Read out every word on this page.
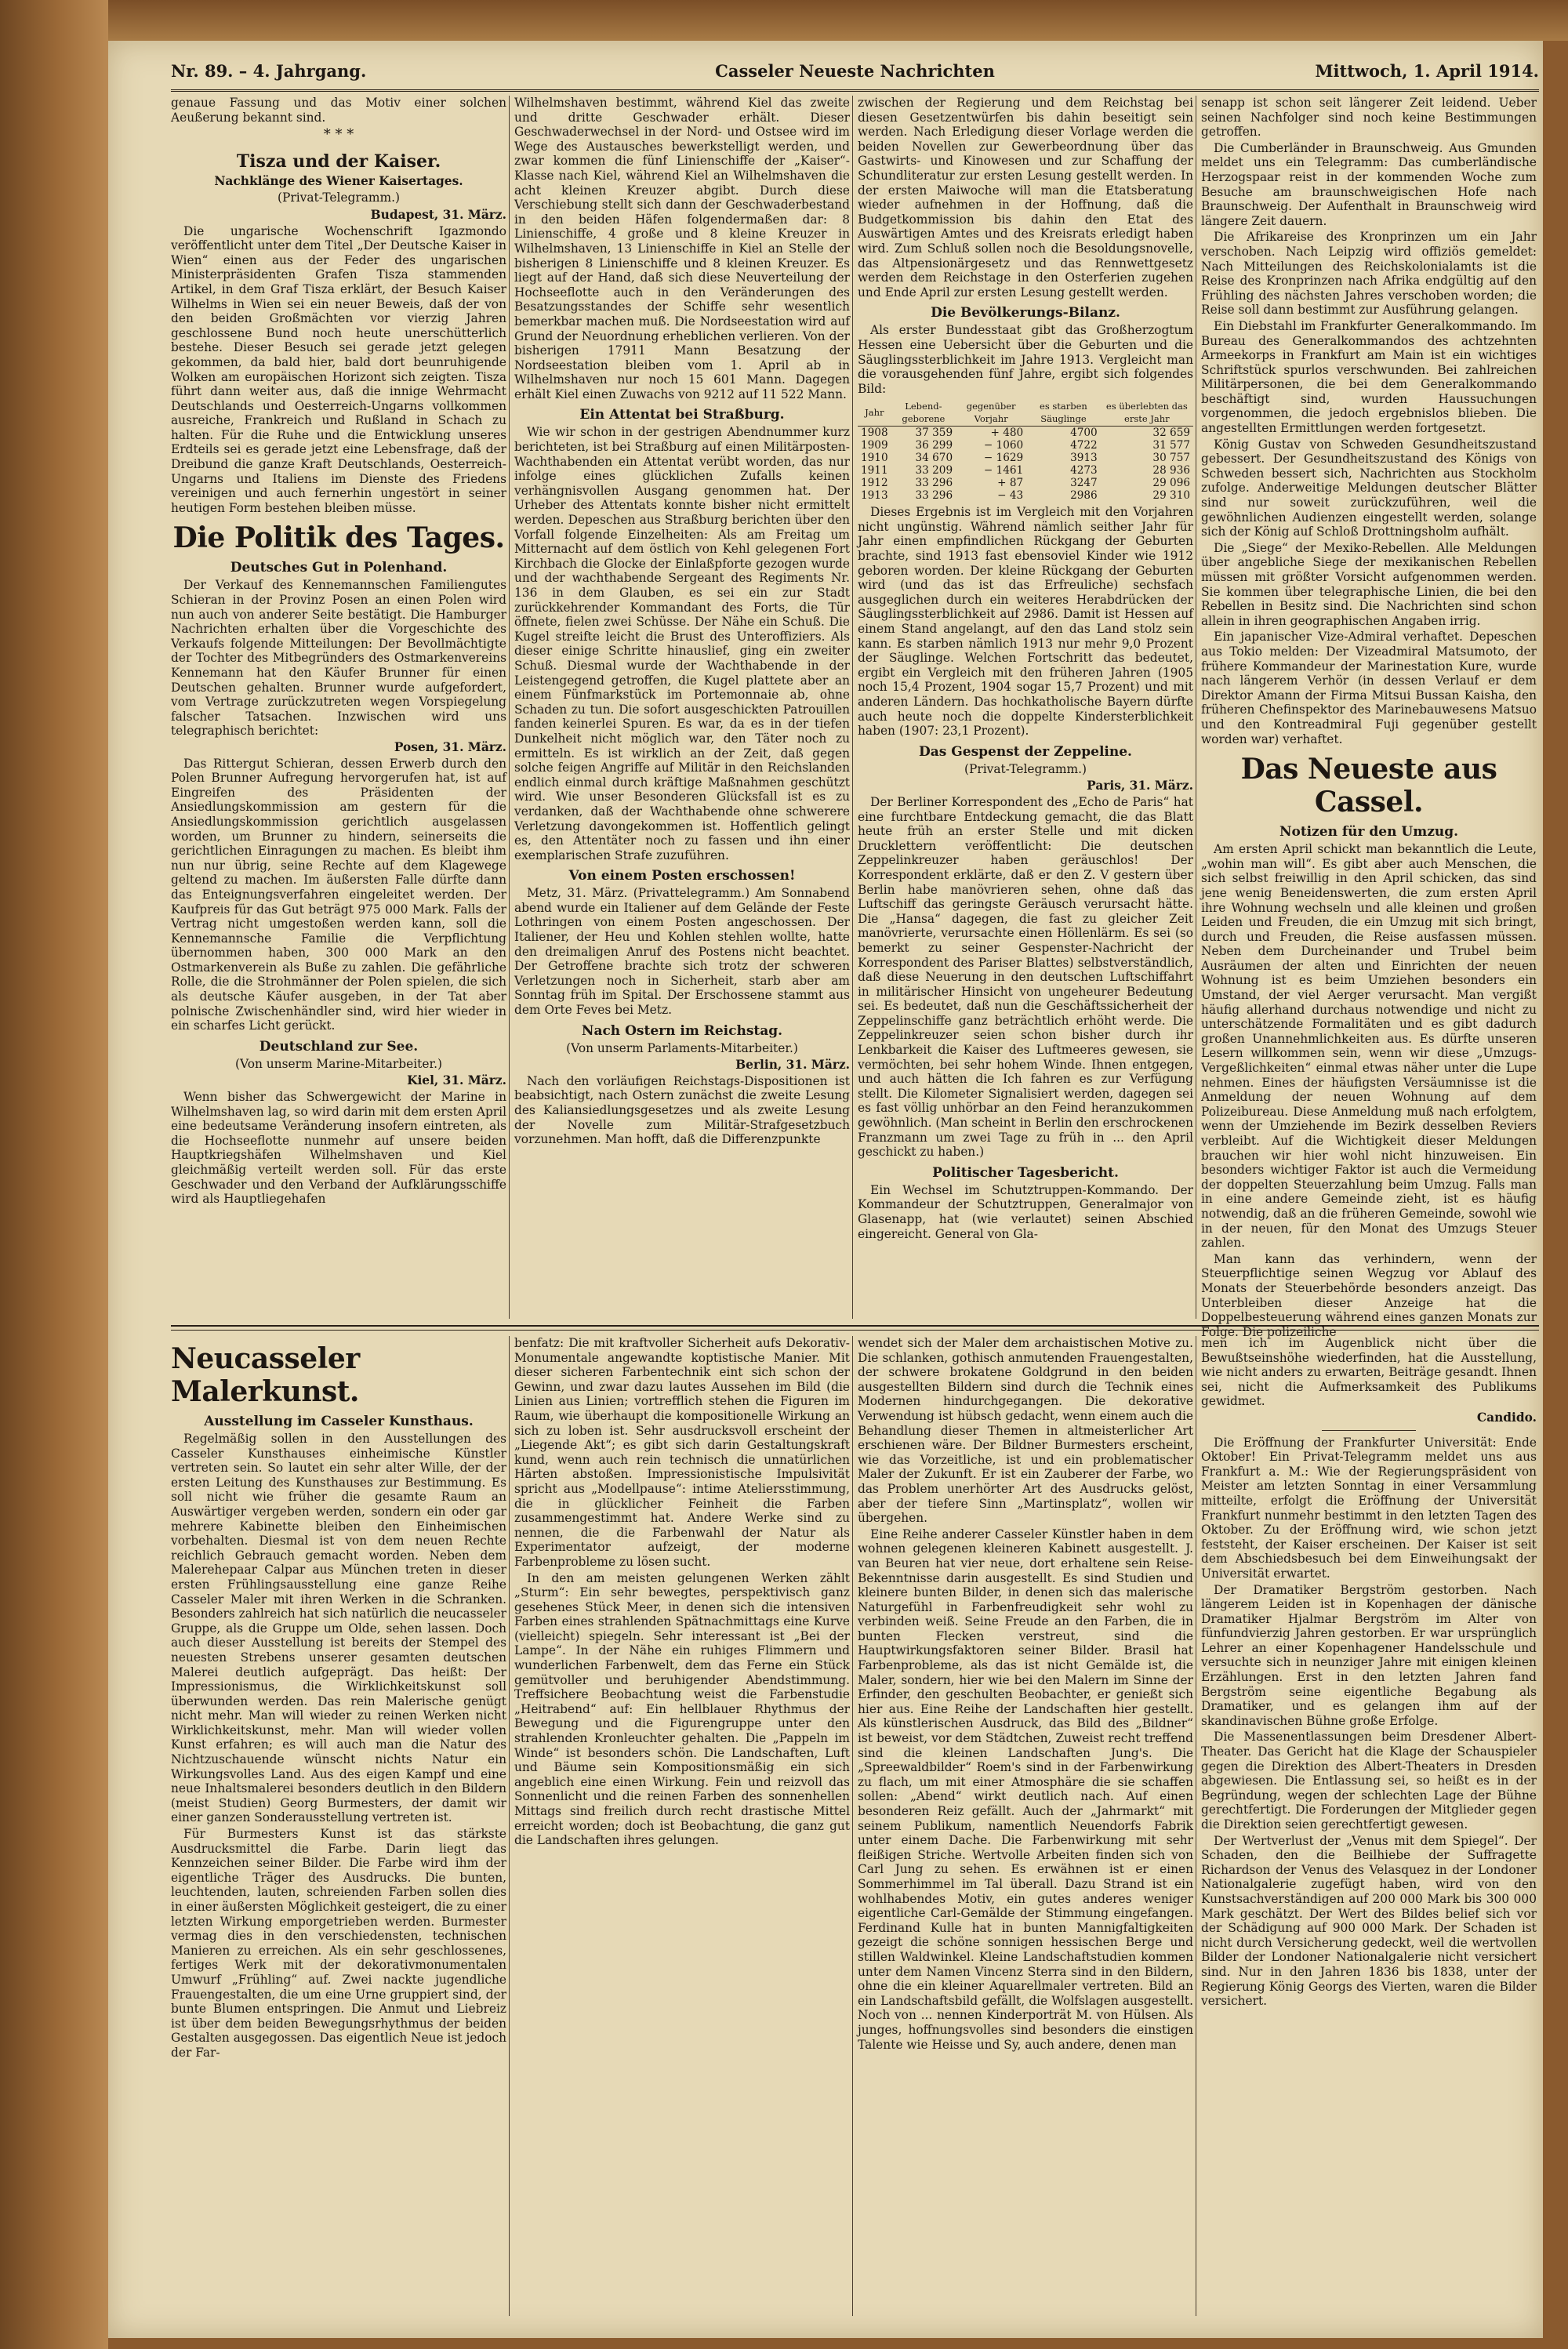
Nr. 89. – 4. Jahrgang.	Casseler Neueste Nachrichten	Mittwoch, 1. April 1914.

genaue Fassung und das Motiv einer solchen Aeußerung bekannt sind.

* * *
Tisza und der Kaiser.
Nachklänge des Wiener Kaisertages.
(Privat-Telegramm.)
Budapest, 31. März.

Die ungarische Wochenschrift Igazmondo veröffentlicht unter dem Titel „Der Deutsche Kaiser in Wien“ einen aus der Feder des ungarischen Ministerpräsidenten Grafen Tisza stammenden Artikel, in dem Graf Tisza erklärt, der Besuch Kaiser Wilhelms in Wien sei ein neuer Beweis, daß der von den beiden Großmächten vor vierzig Jahren geschlossene Bund noch heute unerschütterlich bestehe. Dieser Besuch sei gerade jetzt gelegen gekommen, da bald hier, bald dort beunruhigende Wolken am europäischen Horizont sich zeigten. Tisza führt dann weiter aus, daß die innige Wehrmacht Deutschlands und Oesterreich-Ungarns vollkommen ausreiche, Frankreich und Rußland in Schach zu halten. Für die Ruhe und die Entwicklung unseres Erdteils sei es gerade jetzt eine Lebensfrage, daß der Dreibund die ganze Kraft Deutschlands, Oesterreich-Ungarns und Italiens im Dienste des Friedens vereinigen und auch fernerhin ungestört in seiner heutigen Form bestehen bleiben müsse.

Die Politik des Tages.
Deutsches Gut in Polenhand.

Der Verkauf des Kennemannschen Familiengutes Schieran in der Provinz Posen an einen Polen wird nun auch von anderer Seite bestätigt. Die Hamburger Nachrichten erhalten über die Vorgeschichte des Verkaufs folgende Mitteilungen: Der Bevollmächtigte der Tochter des Mitbegründers des Ostmarkenvereins Kennemann hat den Käufer Brunner für einen Deutschen gehalten. Brunner wurde aufgefordert, vom Vertrage zurückzutreten wegen Vorspiegelung falscher Tatsachen. Inzwischen wird uns telegraphisch berichtet:

Posen, 31. März.

Das Rittergut Schieran, dessen Erwerb durch den Polen Brunner Aufregung hervorgerufen hat, ist auf Eingreifen des Präsidenten der Ansiedlungskommission am gestern für die Ansiedlungskommission gerichtlich ausgelassen worden, um Brunner zu hindern, seinerseits die gerichtlichen Einragungen zu machen. Es bleibt ihm nun nur übrig, seine Rechte auf dem Klagewege geltend zu machen. Im äußersten Falle dürfte dann das Enteignungsverfahren eingeleitet werden. Der Kaufpreis für das Gut beträgt 975 000 Mark. Falls der Vertrag nicht umgestoßen werden kann, soll die Kennemannsche Familie die Verpflichtung übernommen haben, 300 000 Mark an den Ostmarkenverein als Buße zu zahlen. Die gefährliche Rolle, die die Strohmänner der Polen spielen, die sich als deutsche Käufer ausgeben, in der Tat aber polnische Zwischenhändler sind, wird hier wieder in ein scharfes Licht gerückt.

Deutschland zur See.
(Von unserm Marine-Mitarbeiter.)
Kiel, 31. März.

Wenn bisher das Schwergewicht der Marine in Wilhelmshaven lag, so wird darin mit dem ersten April eine bedeutsame Veränderung insofern eintreten, als die Hochseeflotte nunmehr auf unsere beiden Hauptkriegshäfen Wilhelmshaven und Kiel gleichmäßig verteilt werden soll. Für das erste Geschwader und den Verband der Aufklärungsschiffe wird als Hauptliegehafen

Wilhelmshaven bestimmt, während Kiel das zweite und dritte Geschwader erhält. Dieser Geschwaderwechsel in der Nord- und Ostsee wird im Wege des Austausches bewerkstelligt werden, und zwar kommen die fünf Linienschiffe der „Kaiser“-Klasse nach Kiel, während Kiel an Wilhelmshaven die acht kleinen Kreuzer abgibt. Durch diese Verschiebung stellt sich dann der Geschwaderbestand in den beiden Häfen folgendermaßen dar: 8 Linienschiffe, 4 große und 8 kleine Kreuzer in Wilhelmshaven, 13 Linienschiffe in Kiel an Stelle der bisherigen 8 Linienschiffe und 8 kleinen Kreuzer. Es liegt auf der Hand, daß sich diese Neuverteilung der Hochseeflotte auch in den Veränderungen des Besatzungsstandes der Schiffe sehr wesentlich bemerkbar machen muß. Die Nordseestation wird auf Grund der Neuordnung erheblichen verlieren. Von der bisherigen 17911 Mann Besatzung der Nordseestation bleiben vom 1. April ab in Wilhelmshaven nur noch 15 601 Mann. Dagegen erhält Kiel einen Zuwachs von 9212 auf 11 522 Mann.

Ein Attentat bei Straßburg.

Wie wir schon in der gestrigen Abendnummer kurz berichteten, ist bei Straßburg auf einen Militärposten-Wachthabenden ein Attentat verübt worden, das nur infolge eines glücklichen Zufalls keinen verhängnisvollen Ausgang genommen hat. Der Urheber des Attentats konnte bisher nicht ermittelt werden. Depeschen aus Straßburg berichten über den Vorfall folgende Einzelheiten: Als am Freitag um Mitternacht auf dem östlich von Kehl gelegenen Fort Kirchbach die Glocke der Einlaßpforte gezogen wurde und der wachthabende Sergeant des Regiments Nr. 136 in dem Glauben, es sei ein zur Stadt zurückkehrender Kommandant des Forts, die Tür öffnete, fielen zwei Schüsse. Der Nähe ein Schuß. Die Kugel streifte leicht die Brust des Unteroffiziers. Als dieser einige Schritte hinauslief, ging ein zweiter Schuß. Diesmal wurde der Wachthabende in der Leistengegend getroffen, die Kugel plattete aber an einem Fünfmarkstück im Portemonnaie ab, ohne Schaden zu tun. Die sofort ausgeschickten Patrouillen fanden keinerlei Spuren. Es war, da es in der tiefen Dunkelheit nicht möglich war, den Täter noch zu ermitteln. Es ist wirklich an der Zeit, daß gegen solche feigen Angriffe auf Militär in den Reichslanden endlich einmal durch kräftige Maßnahmen geschützt wird. Wie unser Besonderen Glücksfall ist es zu verdanken, daß der Wachthabende ohne schwerere Verletzung davongekommen ist. Hoffentlich gelingt es, den Attentäter noch zu fassen und ihn einer exemplarischen Strafe zuzuführen.

Von einem Posten erschossen!

Metz, 31. März. (Privattelegramm.) Am Sonnabend abend wurde ein Italiener auf dem Gelände der Feste Lothringen von einem Posten angeschossen. Der Italiener, der Heu und Kohlen stehlen wollte, hatte den dreimaligen Anruf des Postens nicht beachtet. Der Getroffene brachte sich trotz der schweren Verletzungen noch in Sicherheit, starb aber am Sonntag früh im Spital. Der Erschossene stammt aus dem Orte Feves bei Metz.

Nach Ostern im Reichstag.
(Von unserm Parlaments-Mitarbeiter.)
Berlin, 31. März.

Nach den vorläufigen Reichstags-Dispositionen ist beabsichtigt, nach Ostern zunächst die zweite Lesung des Kaliansiedlungsgesetzes und als zweite Lesung der Novelle zum Militär-Strafgesetzbuch vorzunehmen. Man hofft, daß die Differenzpunkte

zwischen der Regierung und dem Reichstag bei diesen Gesetzentwürfen bis dahin beseitigt sein werden. Nach Erledigung dieser Vorlage werden die beiden Novellen zur Gewerbeordnung über das Gastwirts- und Kinowesen und zur Schaffung der Schundliteratur zur ersten Lesung gestellt werden. In der ersten Maiwoche will man die Etatsberatung wieder aufnehmen in der Hoffnung, daß die Budgetkommission bis dahin den Etat des Auswärtigen Amtes und des Kreisrats erledigt haben wird. Zum Schluß sollen noch die Besoldungsnovelle, das Altpensionärgesetz und das Rennwettgesetz werden dem Reichstage in den Osterferien zugehen und Ende April zur ersten Lesung gestellt werden.

Die Bevölkerungs-Bilanz.

Als erster Bundesstaat gibt das Großherzogtum Hessen eine Uebersicht über die Geburten und die Säuglingssterblichkeit im Jahre 1913. Vergleicht man die vorausgehenden fünf Jahre, ergibt sich folgendes Bild:

Jahr	Lebend-geborene	gegenüber Vorjahr	es starben Säuglinge	es überlebten das erste Jahr
1908	37 359	+ 480	4700	32 659
1909	36 299	− 1060	4722	31 577
1910	34 670	− 1629	3913	30 757
1911	33 209	− 1461	4273	28 936
1912	33 296	+ 87	3247	29 096
1913	33 296	− 43	2986	29 310

Dieses Ergebnis ist im Vergleich mit den Vorjahren nicht ungünstig. Während nämlich seither Jahr für Jahr einen empfindlichen Rückgang der Geburten brachte, sind 1913 fast ebensoviel Kinder wie 1912 geboren worden. Der kleine Rückgang der Geburten wird (und das ist das Erfreuliche) sechsfach ausgeglichen durch ein weiteres Herabdrücken der Säuglingssterblichkeit auf 2986. Damit ist Hessen auf einem Stand angelangt, auf den das Land stolz sein kann. Es starben nämlich 1913 nur mehr 9,0 Prozent der Säuglinge. Welchen Fortschritt das bedeutet, ergibt ein Vergleich mit den früheren Jahren (1905 noch 15,4 Prozent, 1904 sogar 15,7 Prozent) und mit anderen Ländern. Das hochkatholische Bayern dürfte auch heute noch die doppelte Kindersterblichkeit haben (1907: 23,1 Prozent).

Das Gespenst der Zeppeline.
(Privat-Telegramm.)
Paris, 31. März.

Der Berliner Korrespondent des „Echo de Paris“ hat eine furchtbare Entdeckung gemacht, die das Blatt heute früh an erster Stelle und mit dicken Drucklettern veröffentlicht: Die deutschen Zeppelinkreuzer haben geräuschlos! Der Korrespondent erklärte, daß er den Z. V gestern über Berlin habe manövrieren sehen, ohne daß das Luftschiff das geringste Geräusch verursacht hätte. Die „Hansa“ dagegen, die fast zu gleicher Zeit manövrierte, verursachte einen Höllenlärm. Es sei (so bemerkt zu seiner Gespenster-Nachricht der Korrespondent des Pariser Blattes) selbstverständlich, daß diese Neuerung in den deutschen Luftschiffahrt in militärischer Hinsicht von ungeheurer Bedeutung sei. Es bedeutet, daß nun die Geschäftssicherheit der Zeppelinschiffe ganz beträchtlich erhöht werde. Die Zeppelinkreuzer seien schon bisher durch ihr Lenkbarkeit die Kaiser des Luftmeeres gewesen, sie vermöchten, bei sehr hohem Winde. Ihnen entgegen, und auch hätten die Ich fahren es zur Verfügung stellt. Die Kilometer Signalisiert werden, dagegen sei es fast völlig unhörbar an den Feind heranzukommen gewöhnlich. (Man scheint in Berlin den erschrockenen Franzmann um zwei Tage zu früh in ... den April geschickt zu haben.)

Politischer Tagesbericht.

Ein Wechsel im Schutztruppen-Kommando. Der Kommandeur der Schutztruppen, Generalmajor von Glasenapp, hat (wie verlautet) seinen Abschied eingereicht. General von Gla-

senapp ist schon seit längerer Zeit leidend. Ueber seinen Nachfolger sind noch keine Bestimmungen getroffen.

Die Cumberländer in Braunschweig. Aus Gmunden meldet uns ein Telegramm: Das cumberländische Herzogspaar reist in der kommenden Woche zum Besuche am braunschweigischen Hofe nach Braunschweig. Der Aufenthalt in Braunschweig wird längere Zeit dauern.

Die Afrikareise des Kronprinzen um ein Jahr verschoben. Nach Leipzig wird offiziös gemeldet: Nach Mitteilungen des Reichskolonialamts ist die Reise des Kronprinzen nach Afrika endgültig auf den Frühling des nächsten Jahres verschoben worden; die Reise soll dann bestimmt zur Ausführung gelangen.

Ein Diebstahl im Frankfurter Generalkommando. Im Bureau des Generalkommandos des achtzehnten Armeekorps in Frankfurt am Main ist ein wichtiges Schriftstück spurlos verschwunden. Bei zahlreichen Militärpersonen, die bei dem Generalkommando beschäftigt sind, wurden Haussuchungen vorgenommen, die jedoch ergebnislos blieben. Die angestellten Ermittlungen werden fortgesetzt.

König Gustav von Schweden Gesundheitszustand gebessert. Der Gesundheitszustand des Königs von Schweden bessert sich, Nachrichten aus Stockholm zufolge. Anderweitige Meldungen deutscher Blätter sind nur soweit zurückzuführen, weil die gewöhnlichen Audienzen eingestellt werden, solange sich der König auf Schloß Drottningsholm aufhält.

Die „Siege“ der Mexiko-Rebellen. Alle Meldungen über angebliche Siege der mexikanischen Rebellen müssen mit größter Vorsicht aufgenommen werden. Sie kommen über telegraphische Linien, die bei den Rebellen in Besitz sind. Die Nachrichten sind schon allein in ihren geographischen Angaben irrig.

Ein japanischer Vize-Admiral verhaftet. Depeschen aus Tokio melden: Der Vizeadmiral Matsumoto, der frühere Kommandeur der Marinestation Kure, wurde nach längerem Verhör (in dessen Verlauf er dem Direktor Amann der Firma Mitsui Bussan Kaisha, den früheren Chefinspektor des Marinebauwesens Matsuo und den Kontreadmiral Fuji gegenüber gestellt worden war) verhaftet.

Das Neueste aus Cassel.
Notizen für den Umzug.

Am ersten April schickt man bekanntlich die Leute, „wohin man will“. Es gibt aber auch Menschen, die sich selbst freiwillig in den April schicken, das sind jene wenig Beneidenswerten, die zum ersten April ihre Wohnung wechseln und alle kleinen und großen Leiden und Freuden, die ein Umzug mit sich bringt, durch und Freuden, die Reise ausfassen müssen. Neben dem Durcheinander und Trubel beim Ausräumen der alten und Einrichten der neuen Wohnung ist es beim Umziehen besonders ein Umstand, der viel Aerger verursacht. Man vergißt häufig allerhand durchaus notwendige und nicht zu unterschätzende Formalitäten und es gibt dadurch großen Unannehmlichkeiten aus. Es dürfte unseren Lesern willkommen sein, wenn wir diese „Umzugs-Vergeßlichkeiten“ einmal etwas näher unter die Lupe nehmen. Eines der häufigsten Versäumnisse ist die Anmeldung der neuen Wohnung auf dem Polizeibureau. Diese Anmeldung muß nach erfolgtem, wenn der Umziehende im Bezirk desselben Reviers verbleibt. Auf die Wichtigkeit dieser Meldungen brauchen wir hier wohl nicht hinzuweisen. Ein besonders wichtiger Faktor ist auch die Vermeidung der doppelten Steuerzahlung beim Umzug. Falls man in eine andere Gemeinde zieht, ist es häufig notwendig, daß an die früheren Gemeinde, sowohl wie in der neuen, für den Monat des Umzugs Steuer zahlen.

Man kann das verhindern, wenn der Steuerpflichtige seinen Wegzug vor Ablauf des Monats der Steuerbehörde besonders anzeigt. Das Unterbleiben dieser Anzeige hat die Doppelbesteuerung während eines ganzen Monats zur Folge. Die polizeiliche

Neucasseler Malerkunst.
Ausstellung im Casseler Kunsthaus.

Regelmäßig sollen in den Ausstellungen des Casseler Kunsthauses einheimische Künstler vertreten sein. So lautet ein sehr alter Wille, der der ersten Leitung des Kunsthauses zur Bestimmung. Es soll nicht wie früher die gesamte Raum an Auswärtiger vergeben werden, sondern ein oder gar mehrere Kabinette bleiben den Einheimischen vorbehalten. Diesmal ist von dem neuen Rechte reichlich Gebrauch gemacht worden. Neben dem Malerehepaar Calpar aus München treten in dieser ersten Frühlingsausstellung eine ganze Reihe Casseler Maler mit ihren Werken in die Schranken. Besonders zahlreich hat sich natürlich die neucasseler Gruppe, als die Gruppe um Olde, sehen lassen. Doch auch dieser Ausstellung ist bereits der Stempel des neuesten Strebens unserer gesamten deutschen Malerei deutlich aufgeprägt. Das heißt: Der Impressionismus, die Wirklichkeitskunst soll überwunden werden. Das rein Malerische genügt nicht mehr. Man will wieder zu reinen Werken nicht Wirklichkeitskunst, mehr. Man will wieder vollen Kunst erfahren; es will auch man die Natur des Nichtzuschauende wünscht nichts Natur ein Wirkungsvolles Land. Aus des eigen Kampf und eine neue Inhaltsmalerei besonders deutlich in den Bildern (meist Studien) Georg Burmesters, der damit wir einer ganzen Sonderausstellung vertreten ist.

Für Burmesters Kunst ist das stärkste Ausdrucksmittel die Farbe. Darin liegt das Kennzeichen seiner Bilder. Die Farbe wird ihm der eigentliche Träger des Ausdrucks. Die bunten, leuchtenden, lauten, schreienden Farben sollen dies in einer äußersten Möglichkeit gesteigert, die zu einer letzten Wirkung emporgetrieben werden. Burmester vermag dies in den verschiedensten, technischen Manieren zu erreichen. Als ein sehr geschlossenes, fertiges Werk mit der dekorativmonumentalen Umwurf „Frühling“ auf. Zwei nackte jugendliche Frauengestalten, die um eine Urne gruppiert sind, der bunte Blumen entspringen. Die Anmut und Liebreiz ist über dem beiden Bewegungsrhythmus der beiden Gestalten ausgegossen. Das eigentlich Neue ist jedoch der Far-

benfatz: Die mit kraftvoller Sicherheit aufs Dekorativ-Monumentale angewandte koptistische Manier. Mit dieser sicheren Farbentechnik eint sich schon der Gewinn, und zwar dazu lautes Aussehen im Bild (die Linien aus Linien; vortrefflich stehen die Figuren im Raum, wie überhaupt die kompositionelle Wirkung an sich zu loben ist. Sehr ausdrucksvoll erscheint der „Liegende Akt“; es gibt sich darin Gestaltungskraft kund, wenn auch rein technisch die unnatürlichen Härten abstoßen. Impressionistische Impulsivität spricht aus „Modellpause“: intime Ateliersstimmung, die in glücklicher Feinheit die Farben zusammengestimmt hat. Andere Werke sind zu nennen, die die Farbenwahl der Natur als Experimentator aufzeigt, der moderne Farbenprobleme zu lösen sucht.

In den am meisten gelungenen Werken zählt „Sturm“: Ein sehr bewegtes, perspektivisch ganz gesehenes Stück Meer, in denen sich die intensiven Farben eines strahlenden Spätnachmittags eine Kurve (vielleicht) spiegeln. Sehr interessant ist „Bei der Lampe“. In der Nähe ein ruhiges Flimmern und wunderlichen Farbenwelt, dem das Ferne ein Stück gemütvoller und beruhigender Abendstimmung. Treffsichere Beobachtung weist die Farbenstudie „Heitrabend“ auf: Ein hellblauer Rhythmus der Bewegung und die Figurengruppe unter den strahlenden Kronleuchter gehalten. Die „Pappeln im Winde“ ist besonders schön. Die Landschaften, Luft und Bäume sein Kompositionsmäßig ein sich angeblich eine einen Wirkung. Fein und reizvoll das Sonnenlicht und die reinen Farben des sonnenhellen Mittags sind freilich durch recht drastische Mittel erreicht worden; doch ist Beobachtung, die ganz gut die Landschaften ihres gelungen.

wendet sich der Maler dem archaistischen Motive zu. Die schlanken, gothisch anmutenden Frauengestalten, der schwere brokatene Goldgrund in den beiden ausgestellten Bildern sind durch die Technik eines Modernen hindurchgegangen. Die dekorative Verwendung ist hübsch gedacht, wenn einem auch die Behandlung dieser Themen in altmeisterlicher Art erschienen wäre. Der Bildner Burmesters erscheint, wie das Vorzeitliche, ist und ein problematischer Maler der Zukunft. Er ist ein Zauberer der Farbe, wo das Problem unerhörter Art des Ausdrucks gelöst, aber der tiefere Sinn „Martinsplatz“, wollen wir übergehen.

Eine Reihe anderer Casseler Künstler haben in dem wohnen gelegenen kleineren Kabinett ausgestellt. J. van Beuren hat vier neue, dort erhaltene sein Reise-Bekenntnisse darin ausgestellt. Es sind Studien und kleinere bunten Bilder, in denen sich das malerische Naturgefühl in Farbenfreudigkeit sehr wohl zu verbinden weiß. Seine Freude an den Farben, die in bunten Flecken verstreut, sind die Hauptwirkungsfaktoren seiner Bilder. Brasil hat Farbenprobleme, als das ist nicht Gemälde ist, die Maler, sondern, hier wie bei den Malern im Sinne der Erfinder, den geschulten Beobachter, er genießt sich hier aus. Eine Reihe der Landschaften hier gestellt. Als künstlerischen Ausdruck, das Bild des „Bildner“ ist beweist, vor dem Städtchen, Zuweist recht treffend sind die kleinen Landschaften Jung's. Die „Spreewaldbilder“ Roem's sind in der Farbenwirkung zu flach, um mit einer Atmosphäre die sie schaffen sollen: „Abend“ wirkt deutlich nach. Auf einen besonderen Reiz gefällt. Auch der „Jahrmarkt“ mit seinem Publikum, namentlich Neuendorfs Fabrik unter einem Dache. Die Farbenwirkung mit sehr fleißigen Striche. Wertvolle Arbeiten finden sich von Carl Jung zu sehen. Es erwähnen ist er einen Sommerhimmel im Tal überall. Dazu Strand ist ein wohlhabendes Motiv, ein gutes anderes weniger eigentliche Carl-Gemälde der Stimmung eingefangen. Ferdinand Kulle hat in bunten Mannigfaltigkeiten gezeigt die schöne sonnigen hessischen Berge und stillen Waldwinkel. Kleine Landschaftstudien kommen unter dem Namen Vincenz Sterra sind in den Bildern, ohne die ein kleiner Aquarellmaler vertreten. Bild an ein Landschaftsbild gefällt, die Wolfslagen ausgestellt. Noch von ... nennen Kinderporträt M. von Hülsen. Als junges, hoffnungsvolles sind besonders die einstigen Talente wie Heisse und Sy, auch andere, denen man

men ich im Augenblick nicht über die Bewußtseinshöhe wiederfinden, hat die Ausstellung, wie nicht anders zu erwarten, Beiträge gesandt. Ihnen sei, nicht die Aufmerksamkeit des Publikums gewidmet.

Candido.

Die Eröffnung der Frankfurter Universität: Ende Oktober! Ein Privat-Telegramm meldet uns aus Frankfurt a. M.: Wie der Regierungspräsident von Meister am letzten Sonntag in einer Versammlung mitteilte, erfolgt die Eröffnung der Universität Frankfurt nunmehr bestimmt in den letzten Tagen des Oktober. Zu der Eröffnung wird, wie schon jetzt feststeht, der Kaiser erscheinen. Der Kaiser ist seit dem Abschiedsbesuch bei dem Einweihungsakt der Universität erwartet.

Der Dramatiker Bergström gestorben. Nach längerem Leiden ist in Kopenhagen der dänische Dramatiker Hjalmar Bergström im Alter von fünfundvierzig Jahren gestorben. Er war ursprünglich Lehrer an einer Kopenhagener Handelsschule und versuchte sich in neunziger Jahre mit einigen kleinen Erzählungen. Erst in den letzten Jahren fand Bergström seine eigentliche Begabung als Dramatiker, und es gelangen ihm auf der skandinavischen Bühne große Erfolge.

Die Massenentlassungen beim Dresdener Albert-Theater. Das Gericht hat die Klage der Schauspieler gegen die Direktion des Albert-Theaters in Dresden abgewiesen. Die Entlassung sei, so heißt es in der Begründung, wegen der schlechten Lage der Bühne gerechtfertigt. Die Forderungen der Mitglieder gegen die Direktion seien gerechtfertigt gewesen.

Der Wertverlust der „Venus mit dem Spiegel“. Der Schaden, den die Beilhiebe der Suffragette Richardson der Venus des Velasquez in der Londoner Nationalgalerie zugefügt haben, wird von den Kunstsachverständigen auf 200 000 Mark bis 300 000 Mark geschätzt. Der Wert des Bildes belief sich vor der Schädigung auf 900 000 Mark. Der Schaden ist nicht durch Versicherung gedeckt, weil die wertvollen Bilder der Londoner Nationalgalerie nicht versichert sind. Nur in den Jahren 1836 bis 1838, unter der Regierung König Georgs des Vierten, waren die Bilder versichert.
